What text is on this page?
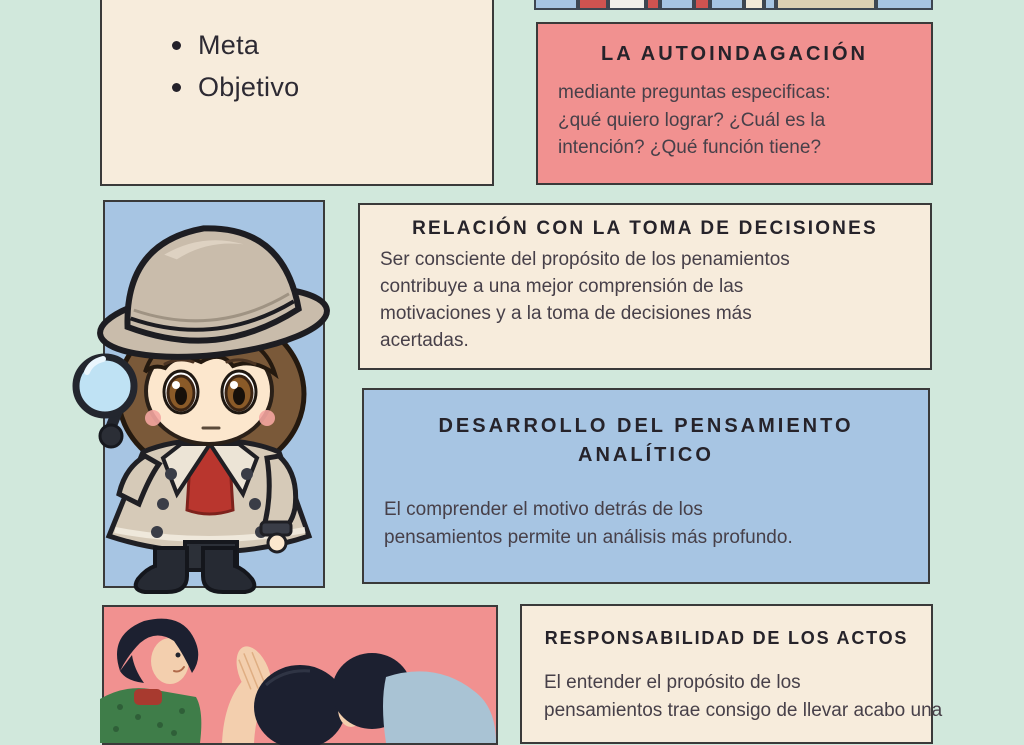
Meta
Objetivo
LA AUTOINDAGACIÓN
mediante preguntas especificas:
¿qué quiero lograr? ¿Cuál es la
intención? ¿Qué función tiene?
RELACIÓN CON LA TOMA DE DECISIONES
Ser consciente del propósito de los penamientos
contribuye a una mejor comprensión de las
motivaciones y a la toma de decisiones más
acertadas.
DESARROLLO DEL PENSAMIENTO
ANALÍTICO
El comprender el motivo detrás de los
pensamientos permite un análisis más profundo.
RESPONSABILIDAD DE LOS ACTOS
El entender el propósito de los
pensamientos trae consigo de llevar acabo una
